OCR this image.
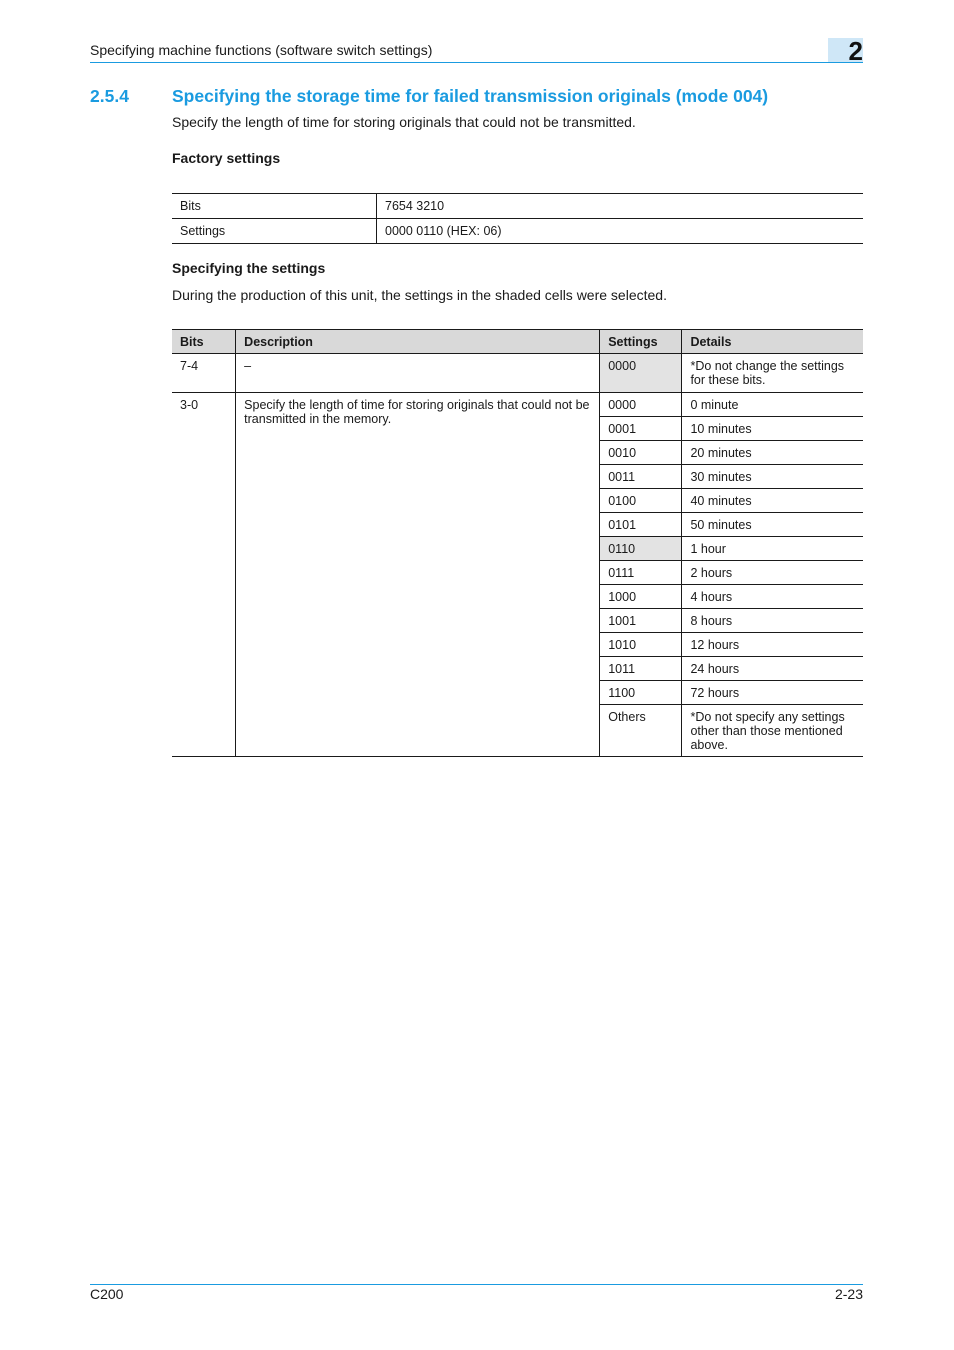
Specifying machine functions (software switch settings)	2
2.5.4 Specifying the storage time for failed transmission originals (mode 004)
Specify the length of time for storing originals that could not be transmitted.
Factory settings
Bits	7654 3210
Settings	0000 0110 (HEX: 06)
Specifying the settings
During the production of this unit, the settings in the shaded cells were selected.
Bits	Description	Settings	Details
7-4	–	0000	*Do not change the settings for these bits.
3-0	Specify the length of time for storing originals that could not be transmitted in the memory.	0000	0 minute
		0001	10 minutes
		0010	20 minutes
		0011	30 minutes
		0100	40 minutes
		0101	50 minutes
		0110	1 hour
		0111	2 hours
		1000	4 hours
		1001	8 hours
		1010	12 hours
		1011	24 hours
		1100	72 hours
		Others	*Do not specify any settings other than those mentioned above.
C200	2-23
